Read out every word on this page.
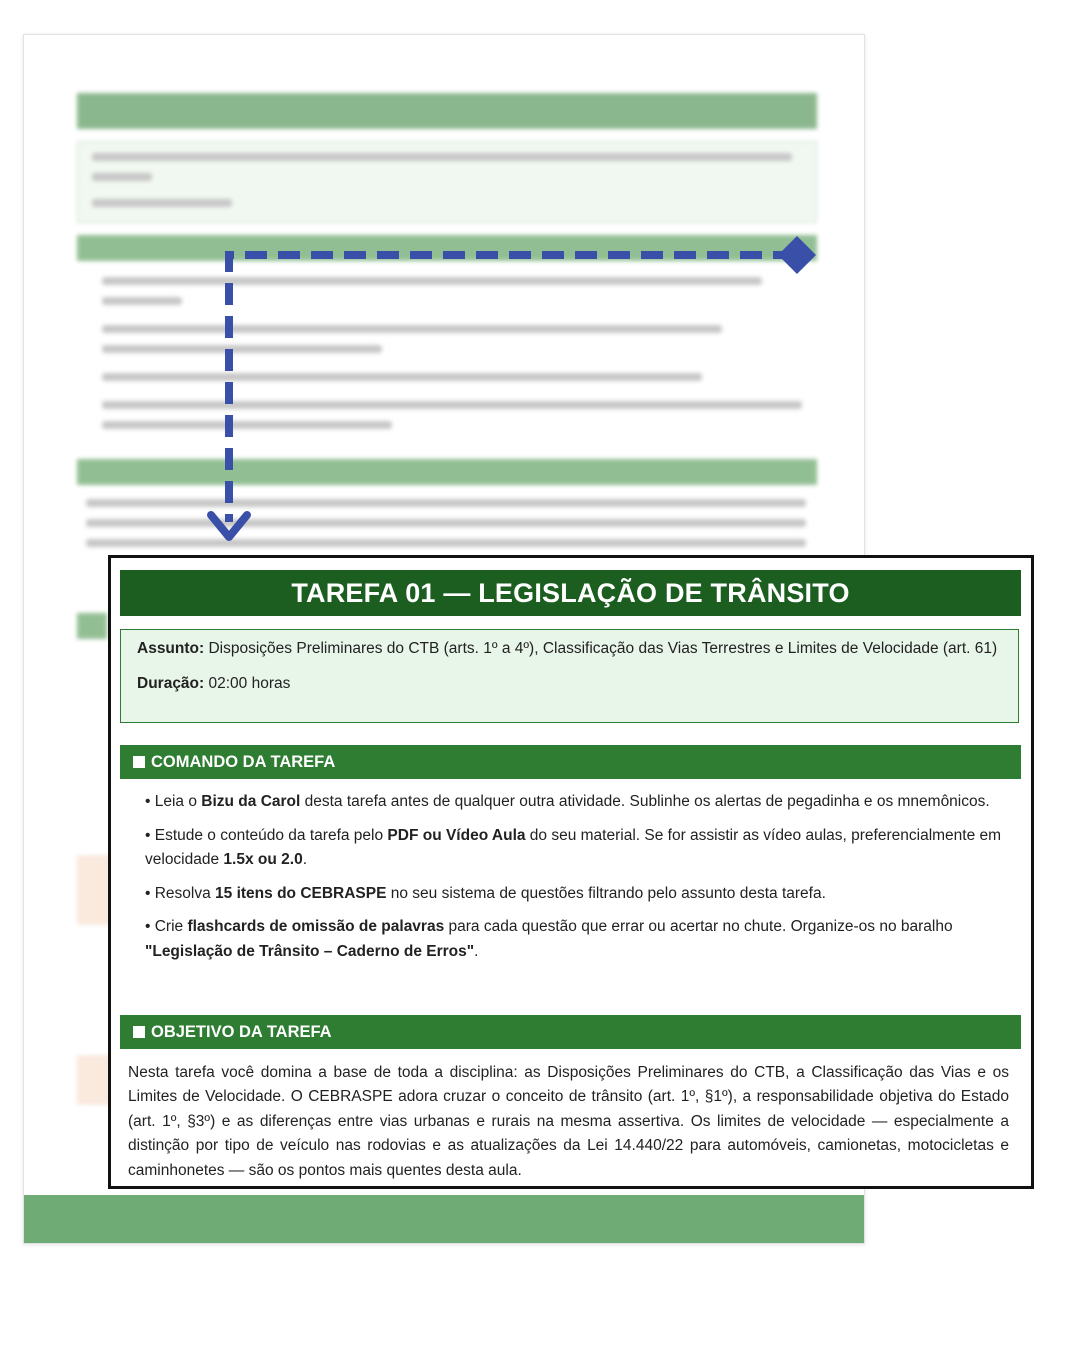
TAREFA 01 — LEGISLAÇÃO DE TRÂNSITO

Assunto: Disposições Preliminares do CTB (arts. 1º a 4º), Classificação das Vias Terrestres e Limites de Velocidade (art. 61)

Duração: 02:00 horas

COMANDO DA TAREFA

• Leia o Bizu da Carol desta tarefa antes de qualquer outra atividade. Sublinhe os alertas de pegadinha e os mnemônicos.

• Estude o conteúdo da tarefa pelo PDF ou Vídeo Aula do seu material. Se for assistir as vídeo aulas, preferencialmente em velocidade 1.5x ou 2.0.

• Resolva 15 itens do CEBRASPE no seu sistema de questões filtrando pelo assunto desta tarefa.

• Crie flashcards de omissão de palavras para cada questão que errar ou acertar no chute. Organize-os no baralho "Legislação de Trânsito – Caderno de Erros".

OBJETIVO DA TAREFA

Nesta tarefa você domina a base de toda a disciplina: as Disposições Preliminares do CTB, a Classificação das Vias e os Limites de Velocidade. O CEBRASPE adora cruzar o conceito de trânsito (art. 1º, §1º), a responsabilidade objetiva do Estado (art. 1º, §3º) e as diferenças entre vias urbanas e rurais na mesma assertiva. Os limites de velocidade — especialmente a distinção por tipo de veículo nas rodovias e as atualizações da Lei 14.440/22 para automóveis, camionetas, motocicletas e caminhonetes — são os pontos mais quentes desta aula.
